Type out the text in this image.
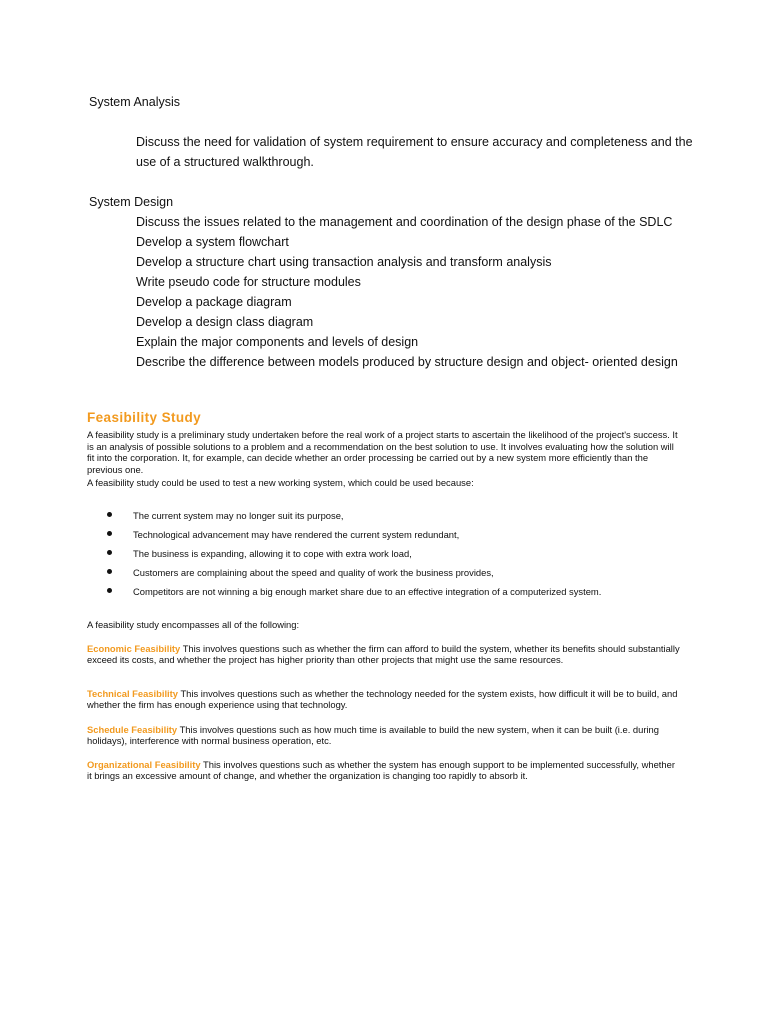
System Analysis

Discuss the need for validation of system requirement to ensure accuracy and completeness and the use of a structured walkthrough.

System Design

Discuss the issues related to the management and coordination of the design phase of the SDLC

Develop a system flowchart

Develop a structure chart using transaction analysis and transform analysis

Write pseudo code for structure modules

Develop a package diagram

Develop a design class diagram

Explain the major components and levels of design

Describe the difference between models produced by structure design and object- oriented design

Feasibility Study

A feasibility study is a preliminary study undertaken before the real work of a project starts to ascertain the likelihood of the project's success. It is an analysis of possible solutions to a problem and a recommendation on the best solution to use. It involves evaluating how the solution will fit into the corporation. It, for example, can decide whether an order processing be carried out by a new system more efficiently than the previous one.

A feasibility study could be used to test a new working system, which could be used because:

The current system may no longer suit its purpose,
Technological advancement may have rendered the current system redundant,
The business is expanding, allowing it to cope with extra work load,
Customers are complaining about the speed and quality of work the business provides,
Competitors are not winning a big enough market share due to an effective integration of a computerized system.

A feasibility study encompasses all of the following:

Economic Feasibility This involves questions such as whether the firm can afford to build the system, whether its benefits should substantially exceed its costs, and whether the project has higher priority than other projects that might use the same resources.

Technical Feasibility This involves questions such as whether the technology needed for the system exists, how difficult it will be to build, and whether the firm has enough experience using that technology.

Schedule Feasibility This involves questions such as how much time is available to build the new system, when it can be built (i.e. during holidays), interference with normal business operation, etc.

Organizational Feasibility This involves questions such as whether the system has enough support to be implemented successfully, whether it brings an excessive amount of change, and whether the organization is changing too rapidly to absorb it.
